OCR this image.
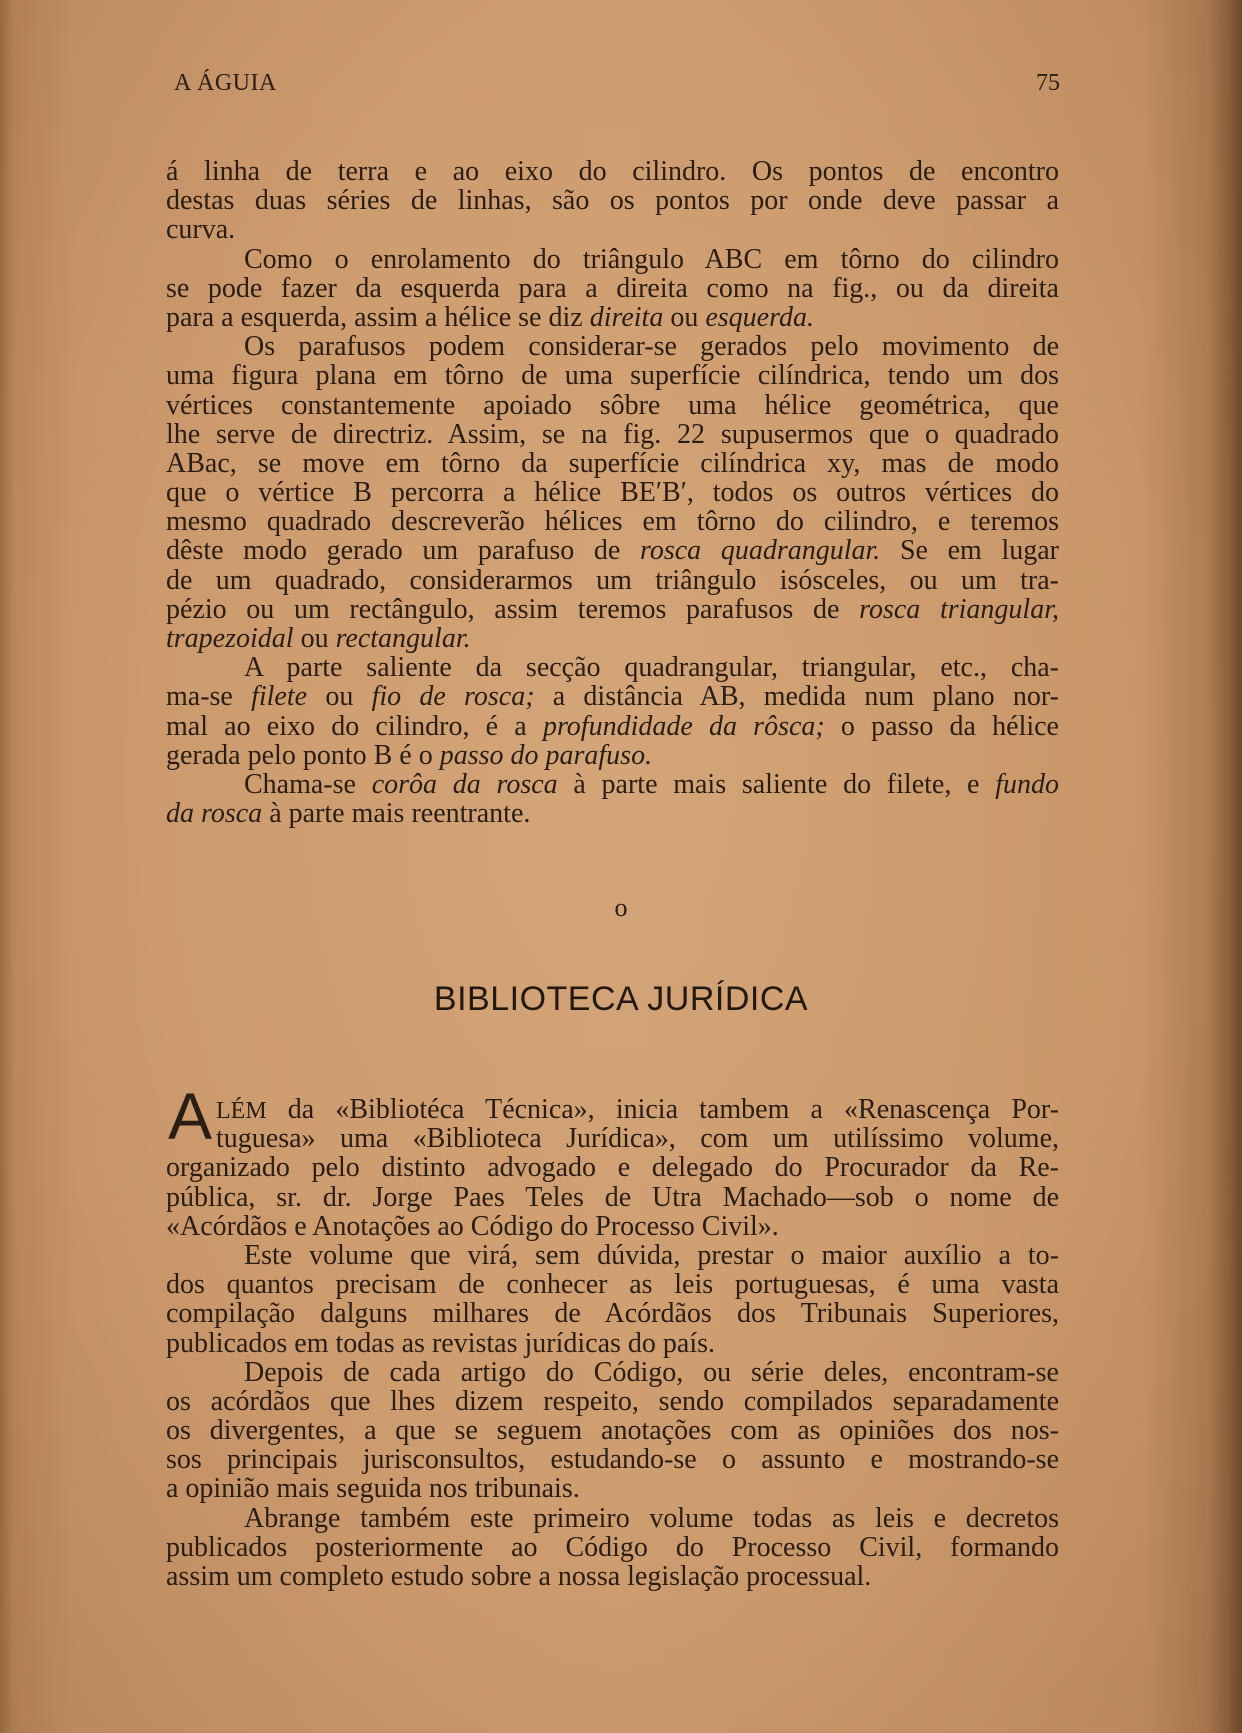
A ÁGUIA	75
á linha de terra e ao eixo do cilindro. Os pontos de encontro
destas duas séries de linhas, são os pontos por onde deve passar a
curva.
Como o enrolamento do triângulo ABC em tôrno do cilindro
se pode fazer da esquerda para a direita como na fig., ou da direita
para a esquerda, assim a hélice se diz direita ou esquerda.
Os parafusos podem considerar-se gerados pelo movimento de
uma figura plana em tôrno de uma superfície cilíndrica, tendo um dos
vértices constantemente apoiado sôbre uma hélice geométrica, que
lhe serve de directriz. Assim, se na fig. 22 supusermos que o quadrado
ABac, se move em tôrno da superfície cilíndrica xy, mas de modo
que o vértice B percorra a hélice BE′B′, todos os outros vértices do
mesmo quadrado descreverão hélices em tôrno do cilindro, e teremos
dêste modo gerado um parafuso de rosca quadrangular. Se em lugar
de um quadrado, considerarmos um triângulo isósceles, ou um tra-
pézio ou um rectângulo, assim teremos parafusos de rosca triangular,
trapezoidal ou rectangular.
A parte saliente da secção quadrangular, triangular, etc., cha-
ma-se filete ou fio de rosca; a distância AB, medida num plano nor-
mal ao eixo do cilindro, é a profundidade da rôsca; o passo da hélice
gerada pelo ponto B é o passo do parafuso.
Chama-se corôa da rosca à parte mais saliente do filete, e fundo
da rosca à parte mais reentrante.
o
BIBLIOTECA JURÍDICA
A LÉM da «Bibliotéca Técnica», inicia tambem a «Renascença Por-
tuguesa» uma «Biblioteca Jurídica», com um utilíssimo volume,
organizado pelo distinto advogado e delegado do Procurador da Re-
pública, sr. dr. Jorge Paes Teles de Utra Machado—sob o nome de
«Acórdãos e Anotações ao Código do Processo Civil».
Este volume que virá, sem dúvida, prestar o maior auxílio a to-
dos quantos precisam de conhecer as leis portuguesas, é uma vasta
compilação dalguns milhares de Acórdãos dos Tribunais Superiores,
publicados em todas as revistas jurídicas do país.
Depois de cada artigo do Código, ou série deles, encontram-se
os acórdãos que lhes dizem respeito, sendo compilados separadamente
os divergentes, a que se seguem anotações com as opiniões dos nos-
sos principais jurisconsultos, estudando-se o assunto e mostrando-se
a opinião mais seguida nos tribunais.
Abrange também este primeiro volume todas as leis e decretos
publicados posteriormente ao Código do Processo Civil, formando
assim um completo estudo sobre a nossa legislação processual.
